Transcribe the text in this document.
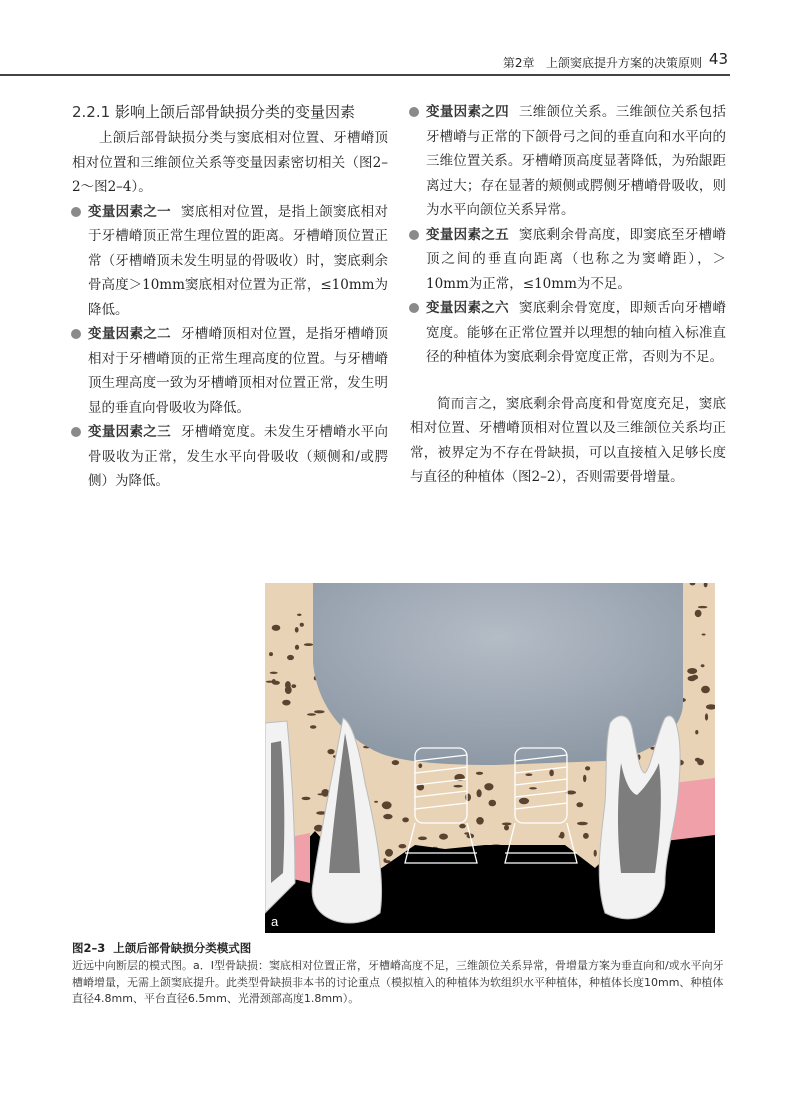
第2章 上颌窦底提升方案的决策原则 43
2.2.1 影响上颌后部骨缺损分类的变量因素

上颌后部骨缺损分类与窦底相对位置、牙槽嵴顶相对位置和三维颌位关系等变量因素密切相关（图2–2～图2–4）。

变量因素之一 窦底相对位置，是指上颌窦底相对于牙槽嵴顶正常生理位置的距离。牙槽嵴顶位置正常（牙槽嵴顶未发生明显的骨吸收）时，窦底剩余骨高度＞10mm窦底相对位置为正常，≤10mm为降低。
变量因素之二 牙槽嵴顶相对位置，是指牙槽嵴顶相对于牙槽嵴顶的正常生理高度的位置。与牙槽嵴顶生理高度一致为牙槽嵴顶相对位置正常，发生明显的垂直向骨吸收为降低。
变量因素之三 牙槽嵴宽度。未发生牙槽嵴水平向骨吸收为正常，发生水平向骨吸收（颊侧和/或腭侧）为降低。
变量因素之四 三维颌位关系。三维颌位关系包括牙槽嵴与正常的下颌骨弓之间的垂直向和水平向的三维位置关系。牙槽嵴顶高度显著降低，为殆龈距离过大；存在显著的颊侧或腭侧牙槽嵴骨吸收，则为水平向颌位关系异常。
变量因素之五 窦底剩余骨高度，即窦底至牙槽嵴顶之间的垂直向距离（也称之为窦嵴距），＞10mm为正常，≤10mm为不足。
变量因素之六 窦底剩余骨宽度，即颊舌向牙槽嵴宽度。能够在正常位置并以理想的轴向植入标准直径的种植体为窦底剩余骨宽度正常，否则为不足。

简而言之，窦底剩余骨高度和骨宽度充足，窦底相对位置、牙槽嵴顶相对位置以及三维颌位关系均正常，被界定为不存在骨缺损，可以直接植入足够长度与直径的种植体（图2–2），否则需要骨增量。

a
图2–3 上颌后部骨缺损分类模式图

近远中向断层的模式图。a．Ⅰ型骨缺损：窦底相对位置正常，牙槽嵴高度不足，三维颌位关系异常，骨增量方案为垂直向和/或水平向牙槽嵴增量，无需上颌窦底提升。此类型骨缺损非本书的讨论重点（模拟植入的种植体为软组织水平种植体，种植体长度10mm、种植体直径4.8mm、平台直径6.5mm、光滑颈部高度1.8mm）。
